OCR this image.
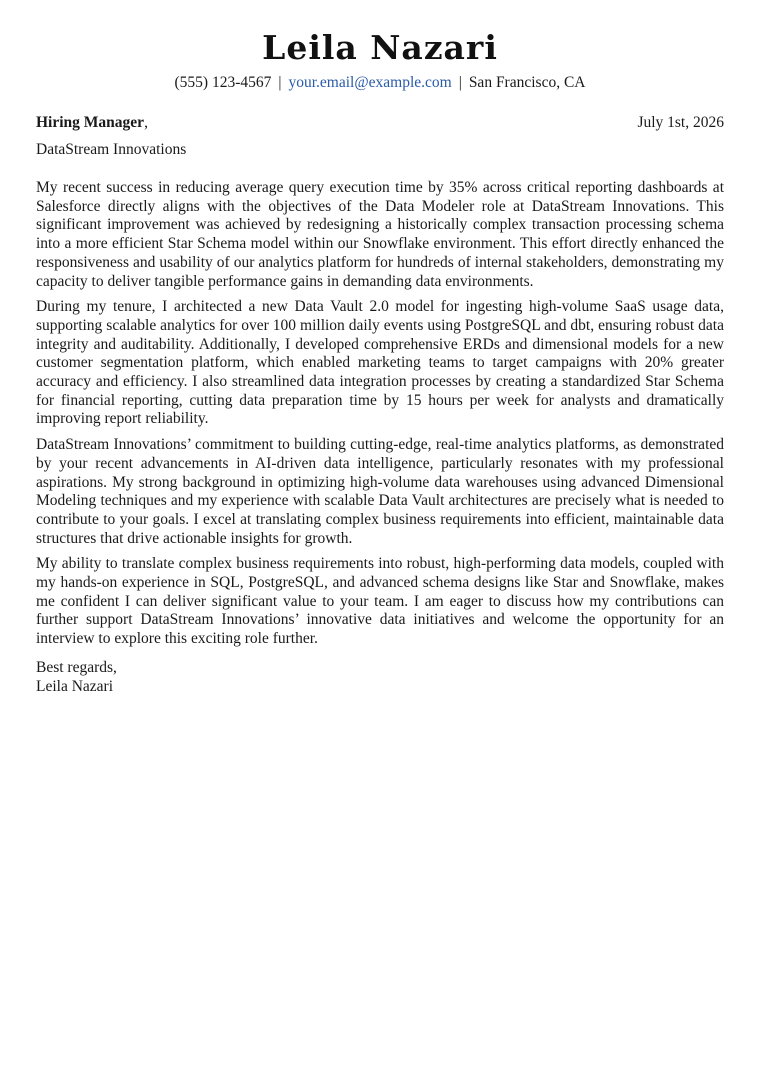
Leila Nazari
(555) 123-4567 | your.email@example.com | San Francisco, CA
Hiring Manager,	July 1st, 2026
DataStream Innovations

My recent success in reducing average query execution time by 35% across critical reporting dashboards at Salesforce directly aligns with the objectives of the Data Modeler role at DataStream Innovations. This significant improvement was achieved by redesigning a historically complex transaction processing schema into a more efficient Star Schema model within our Snowflake environment. This effort directly enhanced the responsiveness and usability of our analytics platform for hundreds of internal stakeholders, demonstrating my capacity to deliver tangible performance gains in demanding data environments.

During my tenure, I architected a new Data Vault 2.0 model for ingesting high-volume SaaS usage data, supporting scalable analytics for over 100 million daily events using PostgreSQL and dbt, ensuring robust data integrity and auditability. Additionally, I developed comprehensive ERDs and dimensional models for a new customer segmentation platform, which enabled marketing teams to target campaigns with 20% greater accuracy and efficiency. I also streamlined data integration processes by creating a standardized Star Schema for financial reporting, cutting data preparation time by 15 hours per week for analysts and dramatically improving report reliability.

DataStream Innovations’ commitment to building cutting-edge, real-time analytics platforms, as demonstrated by your recent advancements in AI-driven data intelligence, particularly resonates with my professional aspirations. My strong background in optimizing high-volume data warehouses using advanced Dimensional Modeling techniques and my experience with scalable Data Vault architectures are precisely what is needed to contribute to your goals. I excel at translating complex business requirements into efficient, maintainable data structures that drive actionable insights for growth.

My ability to translate complex business requirements into robust, high-performing data models, coupled with my hands-on experience in SQL, PostgreSQL, and advanced schema designs like Star and Snowflake, makes me confident I can deliver significant value to your team. I am eager to discuss how my contributions can further support DataStream Innovations’ innovative data initiatives and welcome the opportunity for an interview to explore this exciting role further.

Best regards,
Leila Nazari
